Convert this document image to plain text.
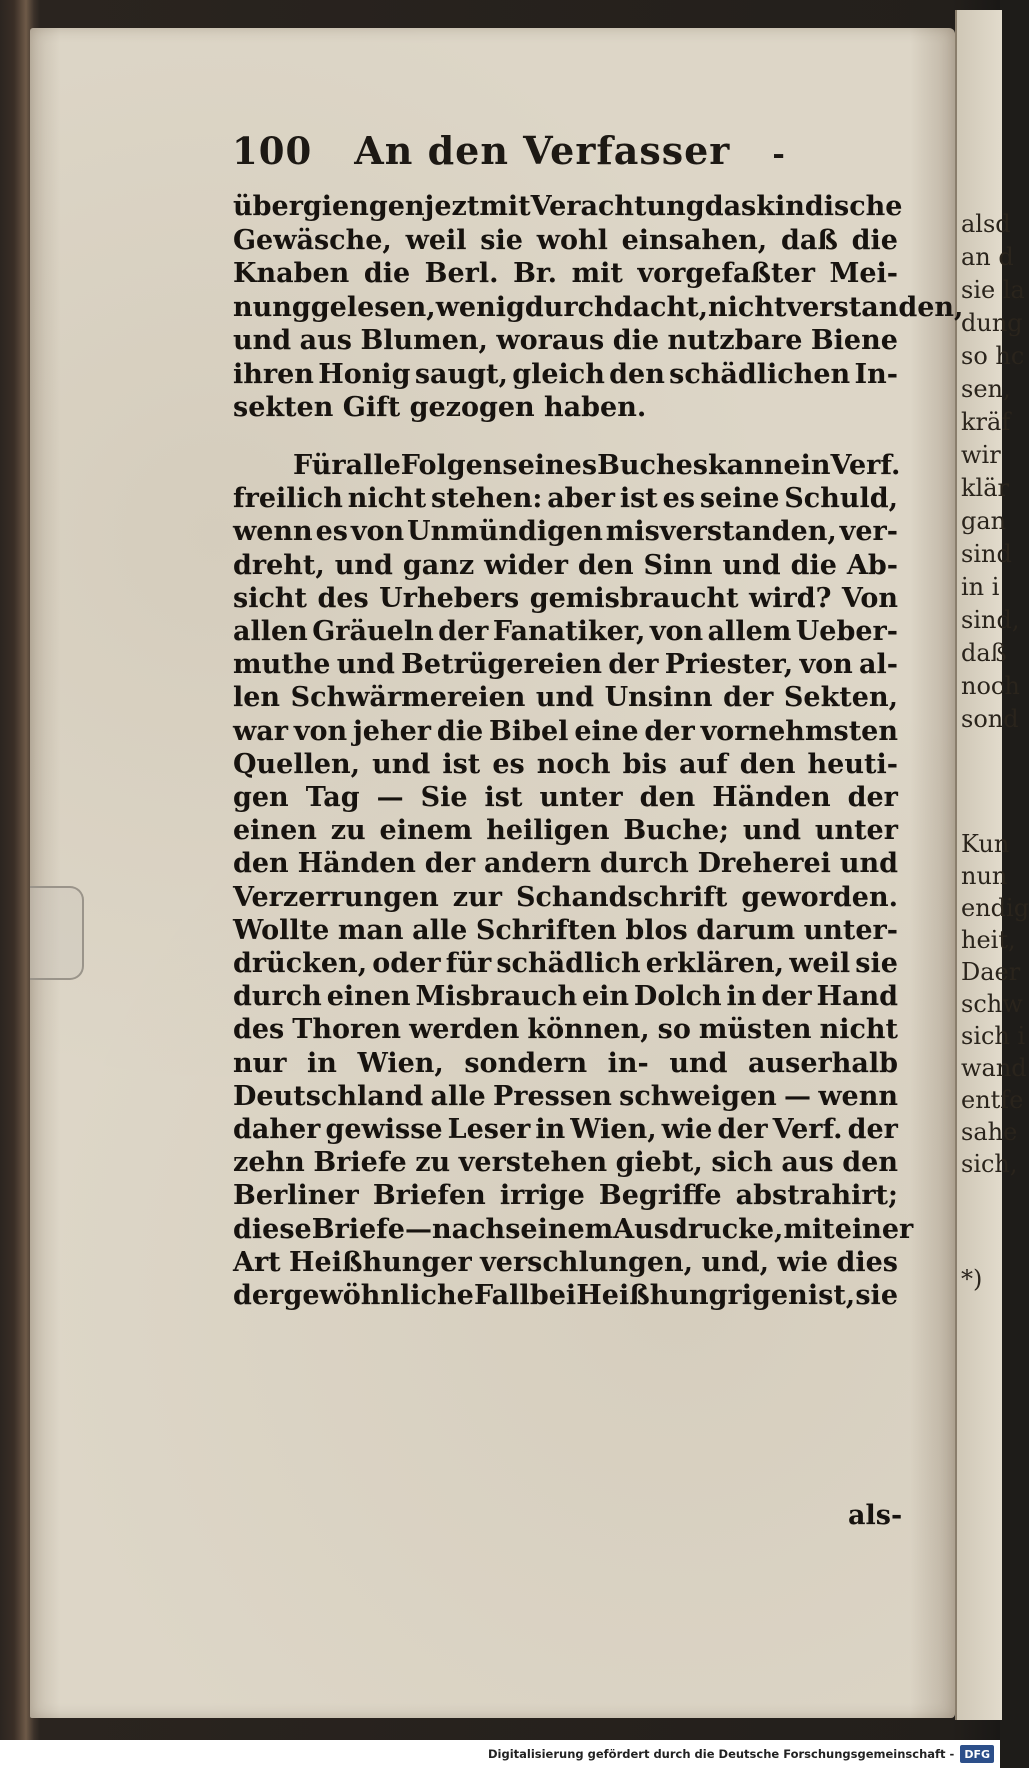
alsd
an d
sie la
dung
so hc
sen,
kräf
wir
klär
gan
sind
in i
sind,
daß
noch
sond
Kun
nun
endig
heit,
Daer
schw
sich i
wand
entfe
sahe
sich,
*)
100 An den Verfasser -
übergiengen jezt mit Verachtung das kindische
Gewäsche, weil sie wohl einsahen, daß die
Knaben die Berl. Br. mit vorgefaßter Mei‐
nung gelesen, wenig durchdacht, nicht verstanden,
und aus Blumen, woraus die nutzbare Biene
ihren Honig saugt, gleich den schädlichen In‐
sekten Gift gezogen haben.
Für alle Folgen seines Buches kann ein Verf.
freilich nicht stehen: aber ist es seine Schuld,
wenn es von Unmündigen misverstanden, ver‐
dreht, und ganz wider den Sinn und die Ab‐
sicht des Urhebers gemisbraucht wird? Von
allen Gräueln der Fanatiker, von allem Ueber‐
muthe und Betrügereien der Priester, von al‐
len Schwärmereien und Unsinn der Sekten,
war von jeher die Bibel eine der vornehmsten
Quellen, und ist es noch bis auf den heuti‐
gen Tag — Sie ist unter den Händen der
einen zu einem heiligen Buche; und unter
den Händen der andern durch Dreherei und
Verzerrungen zur Schandschrift geworden.
Wollte man alle Schriften blos darum unter‐
drücken, oder für schädlich erklären, weil sie
durch einen Misbrauch ein Dolch in der Hand
des Thoren werden können, so müsten nicht
nur in Wien, sondern in‐ und auserhalb
Deutschland alle Pressen schweigen — wenn
daher gewisse Leser in Wien, wie der Verf. der
zehn Briefe zu verstehen giebt, sich aus den
Berliner Briefen irrige Begriffe abstrahirt;
diese Briefe — nach seinem Ausdrucke, mit einer
Art Heißhunger verschlungen, und, wie dies
der gewöhnliche Fall bei Heißhungrigen ist, sie
als‐
Digitalisierung gefördert durch die Deutsche Forschungsgemeinschaft - DFG
